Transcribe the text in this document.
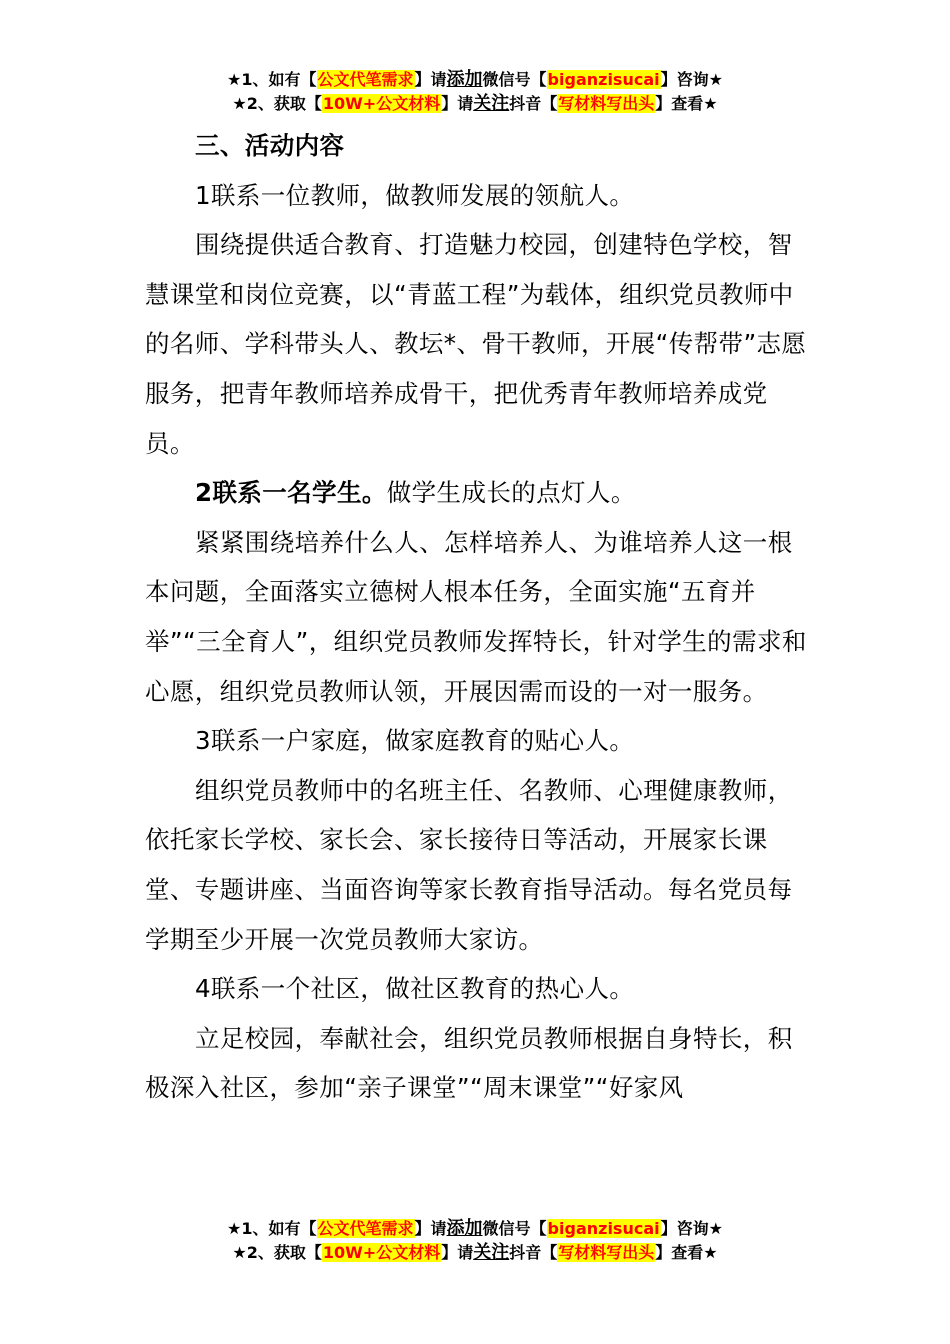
★1、如有【公文代笔需求】请添加微信号【biganzisucai】咨询★
★2、获取【10W+公文材料】请关注抖音【写材料写出头】查看★

三、活动内容

1联系一位教师，做教师发展的领航人。

围绕提供适合教育、打造魅力校园，创建特色学校，智慧课堂和岗位竞赛，以“青蓝工程”为载体，组织党员教师中的名师、学科带头人、教坛*、骨干教师，开展“传帮带”志愿服务，把青年教师培养成骨干，把优秀青年教师培养成党员。

2联系一名学生。做学生成长的点灯人。

紧紧围绕培养什么人、怎样培养人、为谁培养人这一根本问题，全面落实立德树人根本任务，全面实施“五育并举”“三全育人”，组织党员教师发挥特长，针对学生的需求和心愿，组织党员教师认领，开展因需而设的一对一服务。

3联系一户家庭，做家庭教育的贴心人。

组织党员教师中的名班主任、名教师、心理健康教师，依托家长学校、家长会、家长接待日等活动，开展家长课堂、专题讲座、当面咨询等家长教育指导活动。每名党员每学期至少开展一次党员教师大家访。

4联系一个社区，做社区教育的热心人。

立足校园，奉献社会，组织党员教师根据自身特长，积极深入社区，参加“亲子课堂”“周末课堂”“好家风

★1、如有【公文代笔需求】请添加微信号【biganzisucai】咨询★
★2、获取【10W+公文材料】请关注抖音【写材料写出头】查看★
